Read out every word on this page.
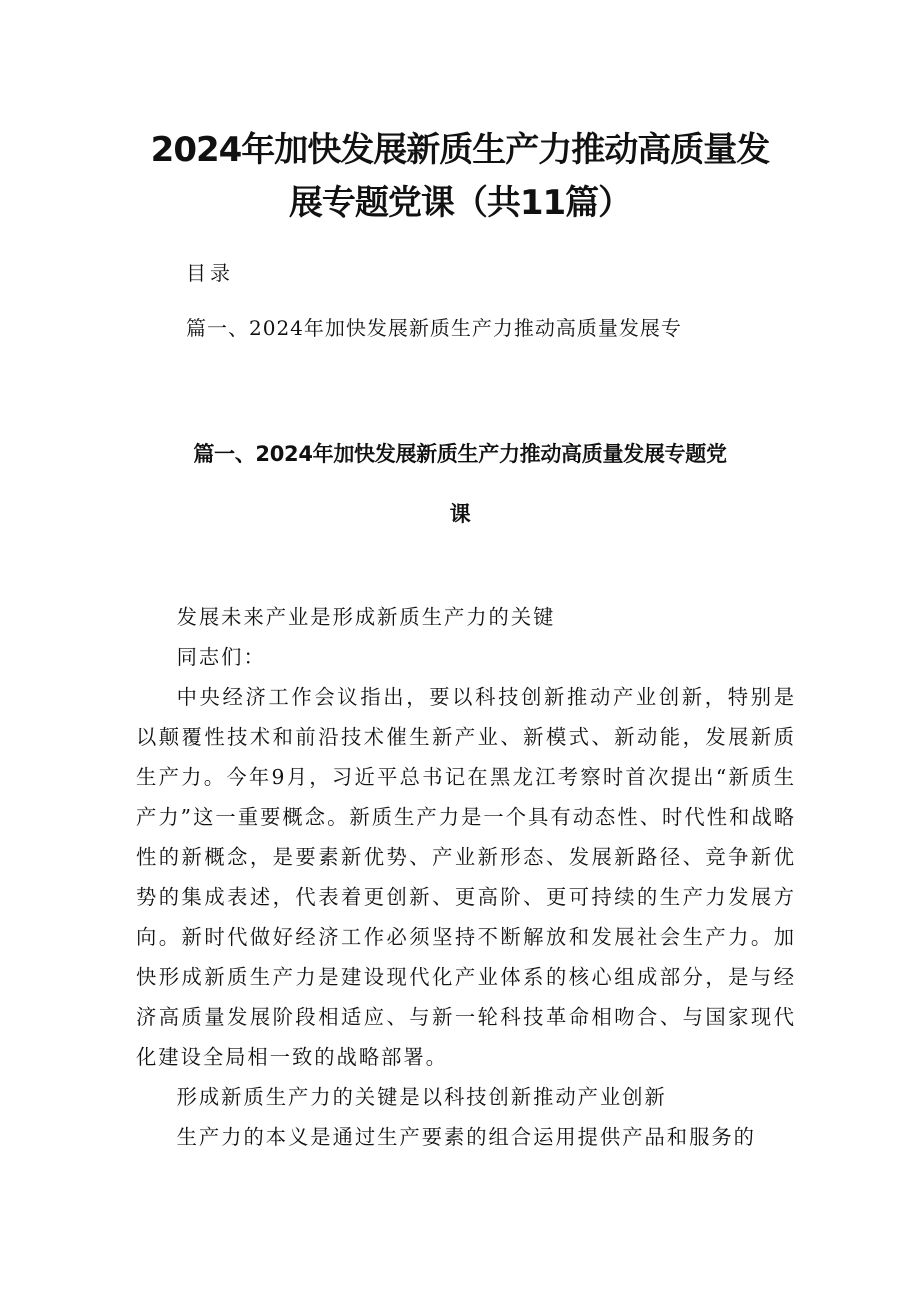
2024年加快发展新质生产力推动高质量发
展专题党课（共11篇）
目录
篇一、2024年加快发展新质生产力推动高质量发展专
篇一、2024年加快发展新质生产力推动高质量发展专题党
课

发展未来产业是形成新质生产力的关键

同志们：

中央经济工作会议指出，要以科技创新推动产业创新，特别是以颠覆性技术和前沿技术催生新产业、新模式、新动能，发展新质生产力。今年9月，习近平总书记在黑龙江考察时首次提出“新质生产力”这一重要概念。新质生产力是一个具有动态性、时代性和战略性的新概念，是要素新优势、产业新形态、发展新路径、竞争新优势的集成表述，代表着更创新、更高阶、更可持续的生产力发展方向。新时代做好经济工作必须坚持不断解放和发展社会生产力。加快形成新质生产力是建设现代化产业体系的核心组成部分，是与经济高质量发展阶段相适应、与新一轮科技革命相吻合、与国家现代化建设全局相一致的战略部署。

形成新质生产力的关键是以科技创新推动产业创新

生产力的本义是通过生产要素的组合运用提供产品和服务的
